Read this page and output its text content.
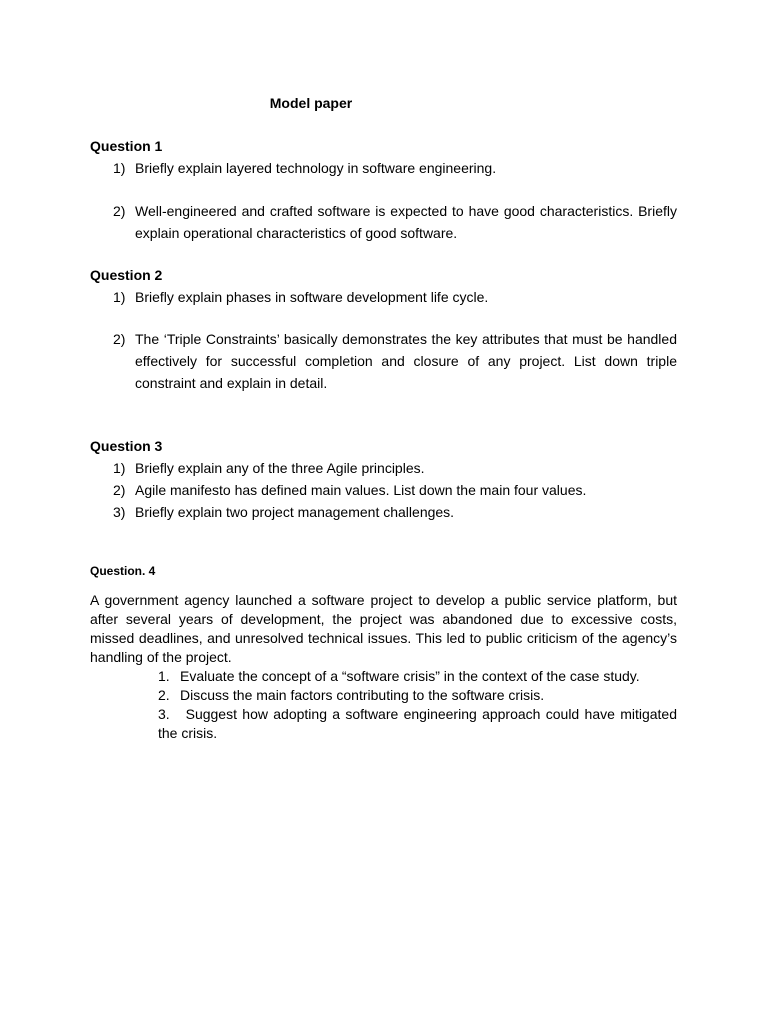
Model paper
Question 1
1) Briefly explain layered technology in software engineering.
2) Well-engineered and crafted software is expected to have good characteristics. Briefly explain operational characteristics of good software.
Question 2
1) Briefly explain phases in software development life cycle.
2) The ‘Triple Constraints’ basically demonstrates the key attributes that must be handled effectively for successful completion and closure of any project. List down triple constraint and explain in detail.
Question 3
1) Briefly explain any of the three Agile principles.
2) Agile manifesto has defined main values. List down the main four values.
3) Briefly explain two project management challenges.
Question. 4
A government agency launched a software project to develop a public service platform, but after several years of development, the project was abandoned due to excessive costs, missed deadlines, and unresolved technical issues. This led to public criticism of the agency’s handling of the project.
1. Evaluate the concept of a “software crisis” in the context of the case study.
2. Discuss the main factors contributing to the software crisis.
3. Suggest how adopting a software engineering approach could have mitigated the crisis.
